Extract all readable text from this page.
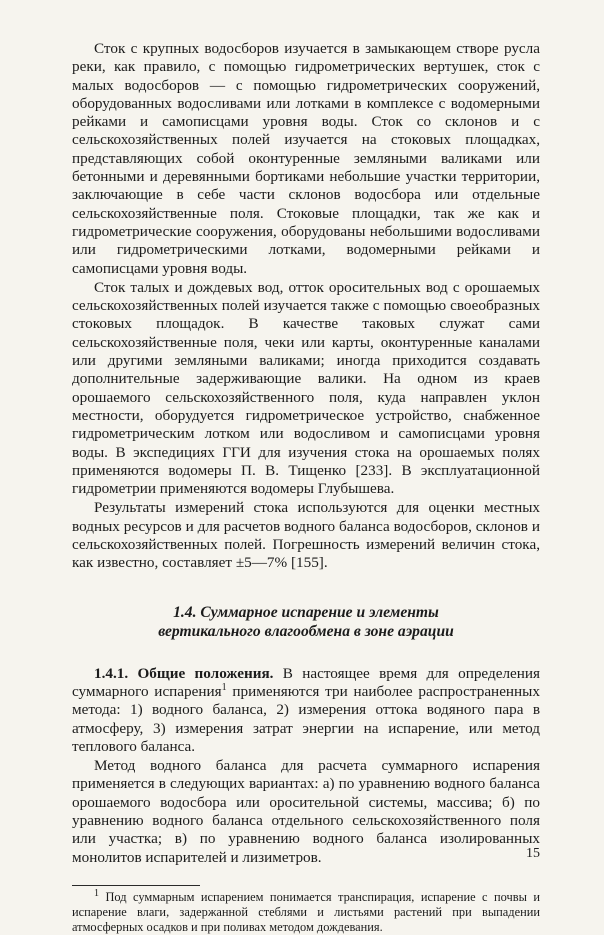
Сток с крупных водосборов изучается в замыкающем створе русла реки, как правило, с помощью гидрометрических вертушек, сток с малых водосборов — с помощью гидрометрических сооружений, оборудованных водосливами или лотками в комплексе с водомерными рейками и самописцами уровня воды. Сток со склонов и с сельскохозяйственных полей изучается на стоковых площадках, представляющих собой оконтуренные земляными валиками или бетонными и деревянными бортиками небольшие участки территории, заключающие в себе части склонов водосбора или отдельные сельскохозяйственные поля. Стоковые площадки, так же как и гидрометрические сооружения, оборудованы небольшими водосливами или гидрометрическими лотками, водомерными рейками и самописцами уровня воды.

Сток талых и дождевых вод, отток оросительных вод с орошаемых сельскохозяйственных полей изучается также с помощью своеобразных стоковых площадок. В качестве таковых служат сами сельскохозяйственные поля, чеки или карты, оконтуренные каналами или другими земляными валиками; иногда приходится создавать дополнительные задерживающие валики. На одном из краев орошаемого сельскохозяйственного поля, куда направлен уклон местности, оборудуется гидрометрическое устройство, снабженное гидрометрическим лотком или водосливом и самописцами уровня воды. В экспедициях ГГИ для изучения стока на орошаемых полях применяются водомеры П. В. Тищенко [233]. В эксплуатационной гидрометрии применяются водомеры Глубышева.

Результаты измерений стока используются для оценки местных водных ресурсов и для расчетов водного баланса водосборов, склонов и сельскохозяйственных полей. Погрешность измерений величин стока, как известно, составляет ±5—7% [155].

1.4. Суммарное испарение и элементы
вертикального влагообмена в зоне аэрации

1.4.1. Общие положения. В настоящее время для определения суммарного испарения$^1$ применяются три наиболее распространенных метода: 1) водного баланса, 2) измерения оттока водяного пара в атмосферу, 3) измерения затрат энергии на испарение, или метод теплового баланса.

Метод водного баланса для расчета суммарного испарения применяется в следующих вариантах: а) по уравнению водного баланса орошаемого водосбора или оросительной системы, массива; б) по уравнению водного баланса отдельного сельскохозяйственного поля или участка; в) по уравнению водного баланса изолированных монолитов испарителей и лизиметров.

$^1$ Под суммарным испарением понимается транспирация, испарение с почвы и испарение влаги, задержанной стеблями и листьями растений при выпадении атмосферных осадков и при поливах методом дождевания.

15
